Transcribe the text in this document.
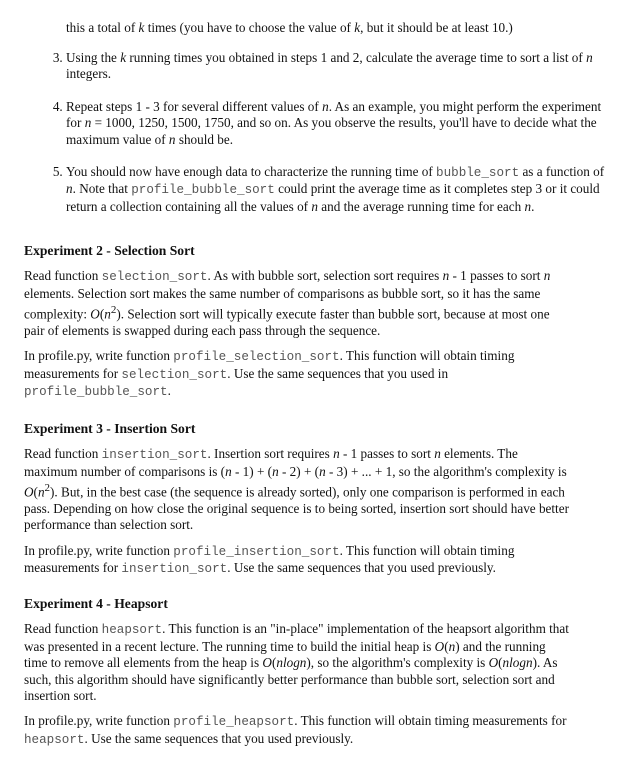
this a total of k times (you have to choose the value of k, but it should be at least 10.)

3. Using the k running times you obtained in steps 1 and 2, calculate the average time to sort a list of n integers.
4. Repeat steps 1 - 3 for several different values of n. As an example, you might perform the experiment for n = 1000, 1250, 1500, 1750, and so on. As you observe the results, you'll have to decide what the maximum value of n should be.
5. You should now have enough data to characterize the running time of bubble_sort as a function of n. Note that profile_bubble_sort could print the average time as it completes step 3 or it could return a collection containing all the values of n and the average running time for each n.
Experiment 2 - Selection Sort

Read function selection_sort. As with bubble sort, selection sort requires n - 1 passes to sort n elements. Selection sort makes the same number of comparisons as bubble sort, so it has the same complexity: $O(n^2)$. Selection sort will typically execute faster than bubble sort, because at most one pair of elements is swapped during each pass through the sequence.

In profile.py, write function profile_selection_sort. This function will obtain timing measurements for selection_sort. Use the same sequences that you used in profile_bubble_sort.

Experiment 3 - Insertion Sort

Read function insertion_sort. Insertion sort requires n - 1 passes to sort n elements. The maximum number of comparisons is (n - 1) + (n - 2) + (n - 3) + ... + 1, so the algorithm's complexity is $O(n^2)$. But, in the best case (the sequence is already sorted), only one comparison is performed in each pass. Depending on how close the original sequence is to being sorted, insertion sort should have better performance than selection sort.

In profile.py, write function profile_insertion_sort. This function will obtain timing measurements for insertion_sort. Use the same sequences that you used previously.

Experiment 4 - Heapsort

Read function heapsort. This function is an "in-place" implementation of the heapsort algorithm that was presented in a recent lecture. The running time to build the initial heap is O(n) and the running time to remove all elements from the heap is O(nlogn), so the algorithm's complexity is O(nlogn). As such, this algorithm should have significantly better performance than bubble sort, selection sort and insertion sort.

In profile.py, write function profile_heapsort. This function will obtain timing measurements for heapsort. Use the same sequences that you used previously.
